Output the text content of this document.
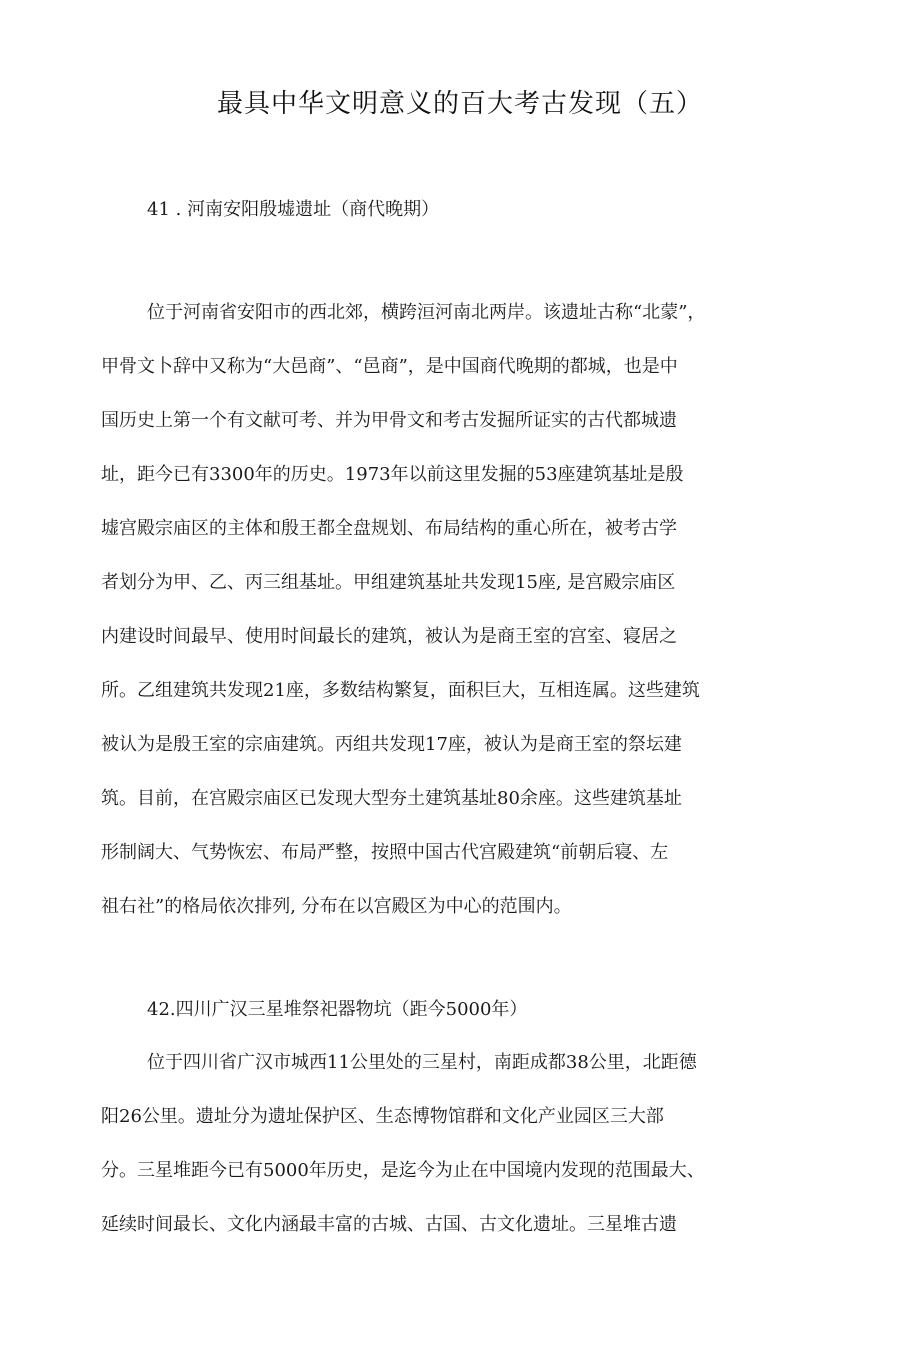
最具中华文明意义的百大考古发现（五）
41 . 河南安阳殷墟遗址（商代晚期）
位于河南省安阳市的西北郊，横跨洹河南北两岸。该遗址古称“北蒙”，
甲骨文卜辞中又称为“大邑商”、“邑商”，是中国商代晚期的都城，也是中
国历史上第一个有文献可考、并为甲骨文和考古发掘所证实的古代都城遗
址，距今已有3300年的历史。1973年以前这里发掘的53座建筑基址是殷
墟宫殿宗庙区的主体和殷王都全盘规划、布局结构的重心所在，被考古学
者划分为甲、乙、丙三组基址。甲组建筑基址共发现15座, 是宫殿宗庙区
内建设时间最早、使用时间最长的建筑，被认为是商王室的宫室、寝居之
所。乙组建筑共发现21座，多数结构繁复，面积巨大，互相连属。这些建筑
被认为是殷王室的宗庙建筑。丙组共发现17座，被认为是商王室的祭坛建
筑。目前，在宫殿宗庙区已发现大型夯土建筑基址80余座。这些建筑基址
形制阔大、气势恢宏、布局严整，按照中国古代宫殿建筑“前朝后寝、左
祖右社”的格局依次排列, 分布在以宫殿区为中心的范围内。
42.四川广汉三星堆祭祀器物坑（距今5000年）
位于四川省广汉市城西11公里处的三星村，南距成都38公里，北距德
阳26公里。遗址分为遗址保护区、生态博物馆群和文化产业园区三大部
分。三星堆距今已有5000年历史，是迄今为止在中国境内发现的范围最大、
延续时间最长、文化内涵最丰富的古城、古国、古文化遗址。三星堆古遗
